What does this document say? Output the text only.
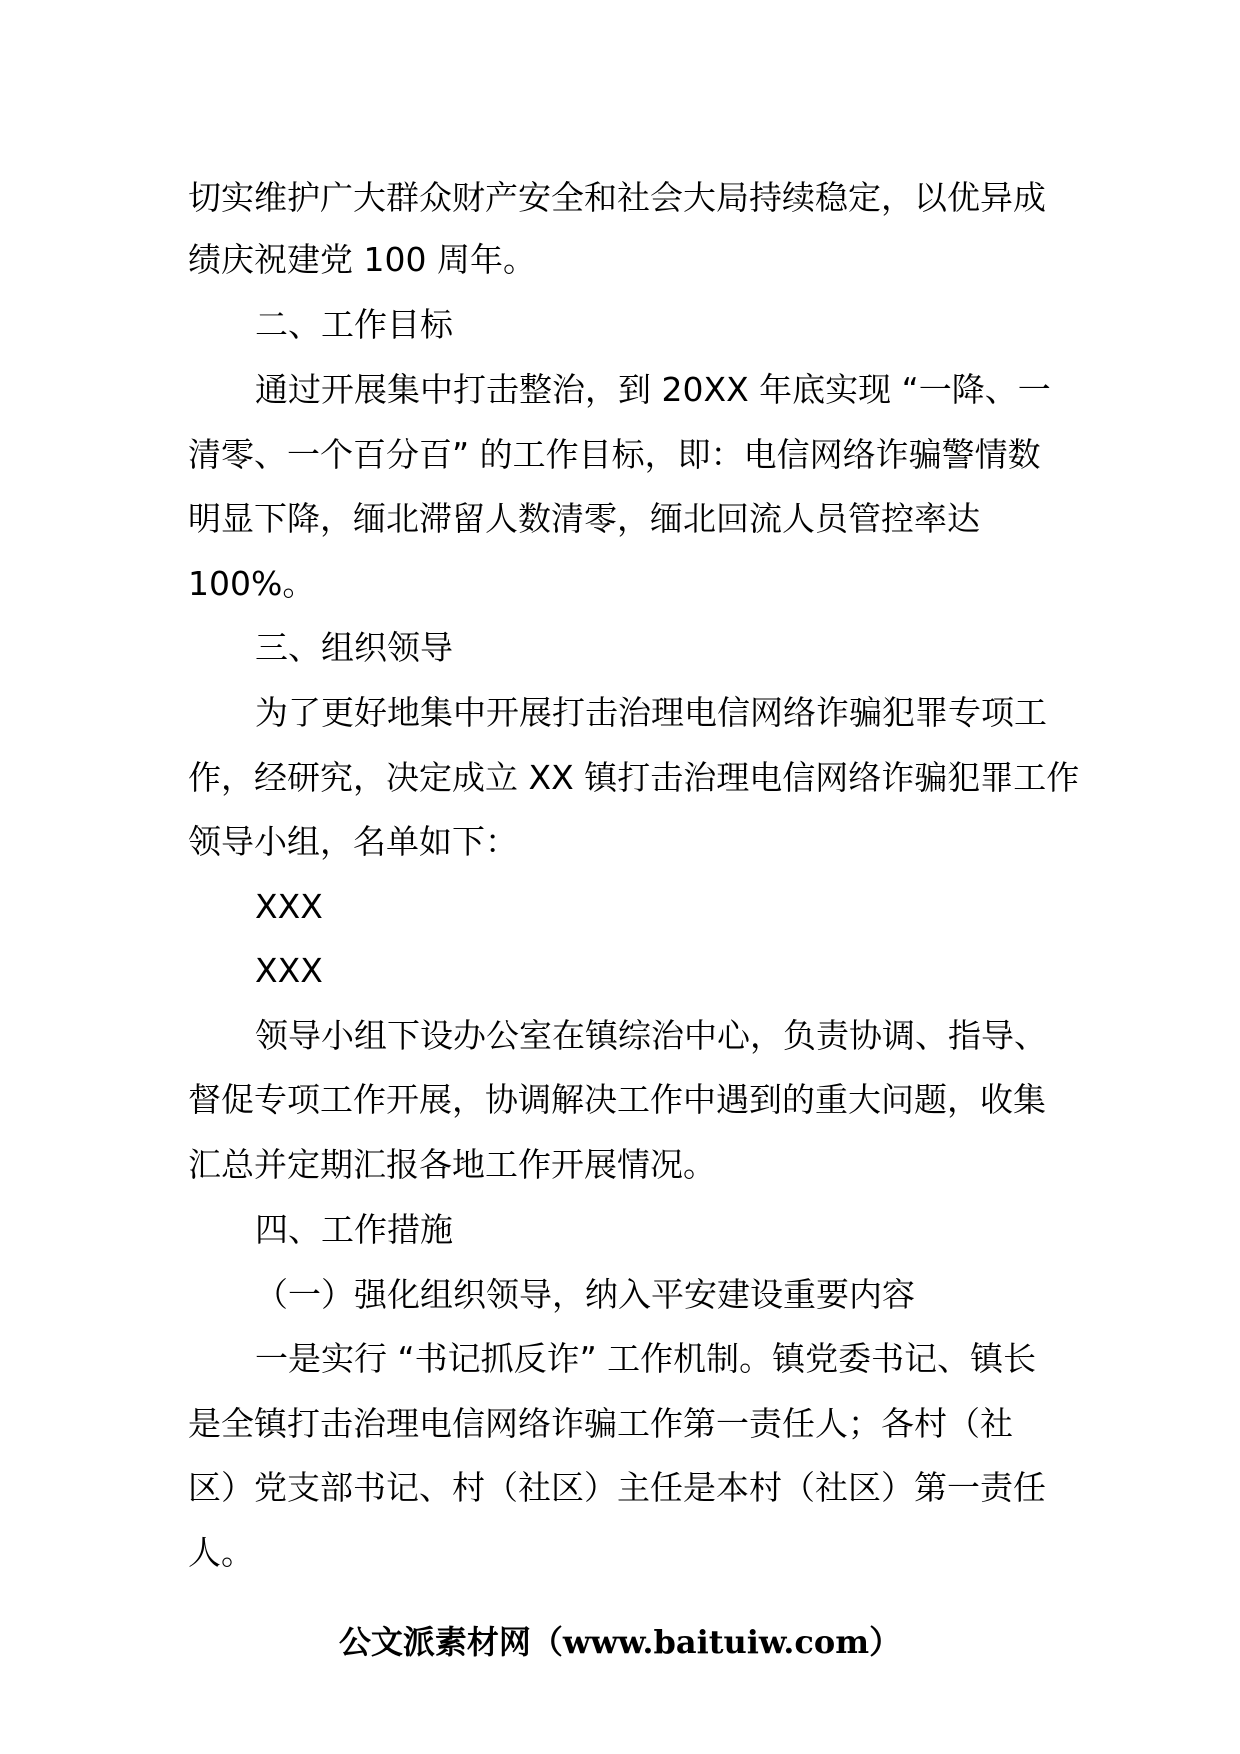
切实维护广大群众财产安全和社会大局持续稳定，以优异成
绩庆祝建党 100 周年。
二、工作目标
通过开展集中打击整治，到 20XX 年底实现 “一降、一
清零、一个百分百” 的工作目标，即：电信网络诈骗警情数
明显下降，缅北滞留人数清零，缅北回流人员管控率达
100%。
三、组织领导
为了更好地集中开展打击治理电信网络诈骗犯罪专项工
作，经研究，决定成立 XX 镇打击治理电信网络诈骗犯罪工作
领导小组，名单如下：
XXX
XXX
领导小组下设办公室在镇综治中心，负责协调、指导、
督促专项工作开展，协调解决工作中遇到的重大问题，收集
汇总并定期汇报各地工作开展情况。
四、工作措施
（一）强化组织领导，纳入平安建设重要内容
一是实行 “书记抓反诈” 工作机制。镇党委书记、镇长
是全镇打击治理电信网络诈骗工作第一责任人；各村（社
区）党支部书记、村（社区）主任是本村（社区）第一责任
人。
公文派素材网（www.baituiw.com）
